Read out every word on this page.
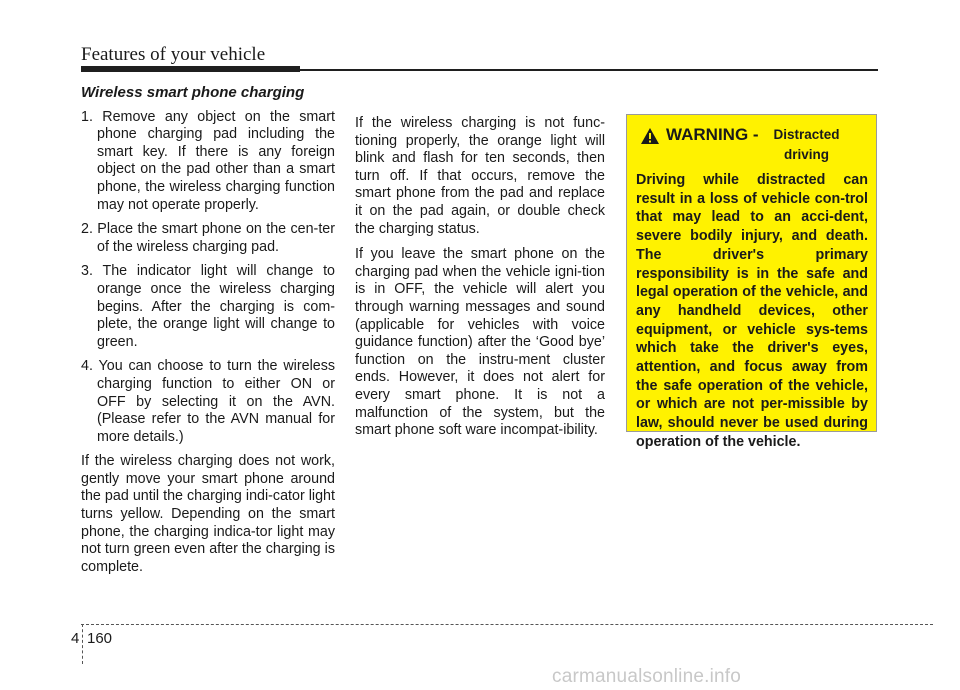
Features of your vehicle
Wireless smart phone charging
1. Remove any object on the smart phone charging pad including the smart key. If there is any foreign object on the pad other than a smart phone, the wireless charging function may not operate properly.
2. Place the smart phone on the cen-ter of the wireless charging pad.
3. The indicator light will change to orange once the wireless charging begins. After the charging is com-plete, the orange light will change to green.
4. You can choose to turn the wireless charging function to either ON or OFF by selecting it on the AVN. (Please refer to the AVN manual for more details.)
If the wireless charging does not work, gently move your smart phone around the pad until the charging indi-cator light turns yellow. Depending on the smart phone, the charging indica-tor light may not turn green even after the charging is complete.
If the wireless charging is not func-tioning properly, the orange light will blink and flash for ten seconds, then turn off. If that occurs, remove the smart phone from the pad and replace it on the pad again, or double check the charging status.
If you leave the smart phone on the charging pad when the vehicle igni-tion is in OFF, the vehicle will alert you through warning messages and sound (applicable for vehicles with voice guidance function) after the ‘Good bye’ function on the instru-ment cluster ends. However, it does not alert for every smart phone. It is not a malfunction of the system, but the smart phone soft ware incompat-ibility.
WARNING -	Distracted driving
Driving while distracted can result in a loss of vehicle con-trol that may lead to an acci-dent, severe bodily injury, and death. The driver's primary responsibility is in the safe and legal operation of the vehicle, and any handheld devices, other equipment, or vehicle sys-tems which take the driver's eyes, attention, and focus away from the safe operation of the vehicle, or which are not per-missible by law, should never be used during operation of the vehicle.
4 160
carmanualsonline.info
